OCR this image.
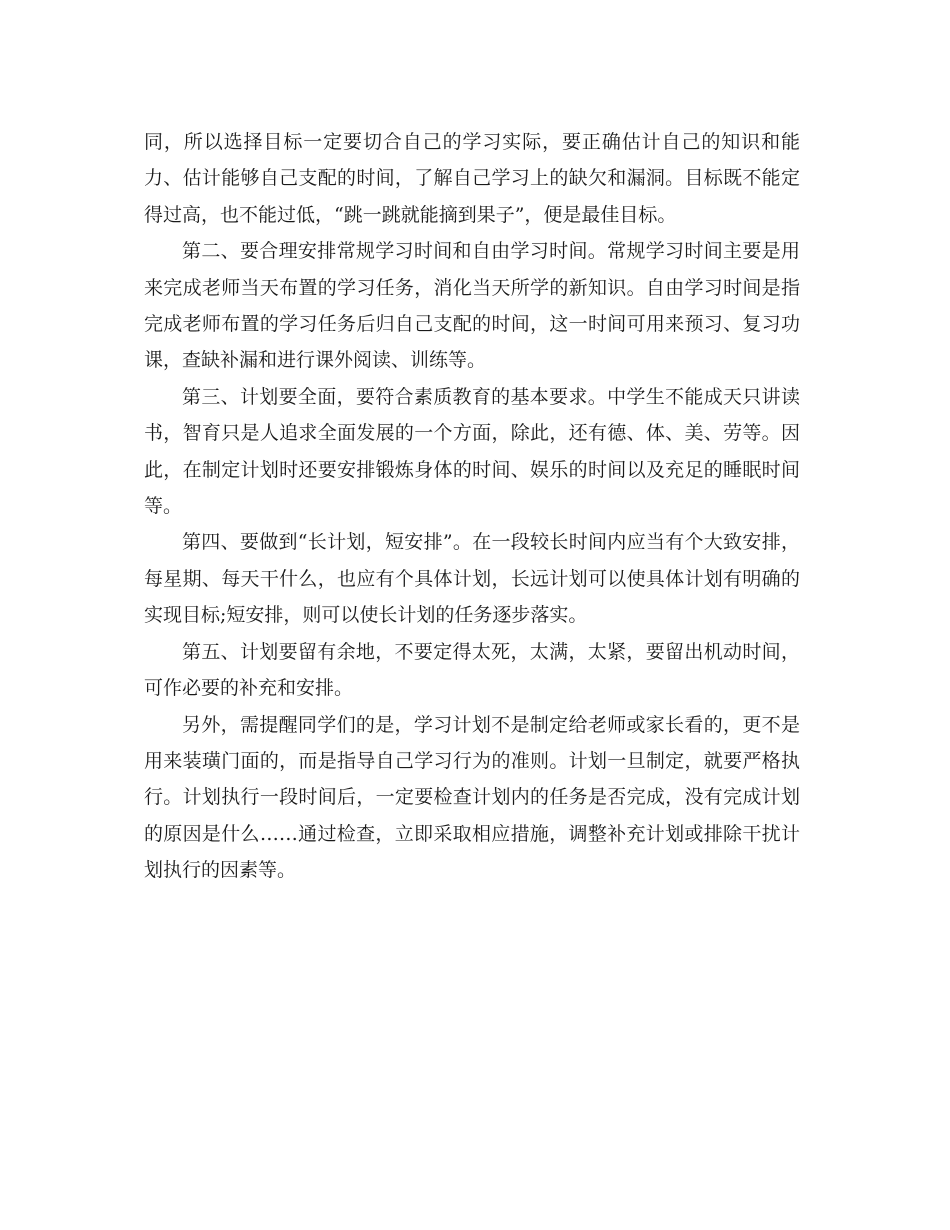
同，所以选择目标一定要切合自己的学习实际，要正确估计自己的知识和能力、估计能够自己支配的时间，了解自己学习上的缺欠和漏洞。目标既不能定得过高，也不能过低，“跳一跳就能摘到果子”，便是最佳目标。

第二、要合理安排常规学习时间和自由学习时间。常规学习时间主要是用来完成老师当天布置的学习任务，消化当天所学的新知识。自由学习时间是指完成老师布置的学习任务后归自己支配的时间，这一时间可用来预习、复习功课，查缺补漏和进行课外阅读、训练等。

第三、计划要全面，要符合素质教育的基本要求。中学生不能成天只讲读书，智育只是人追求全面发展的一个方面，除此，还有德、体、美、劳等。因此，在制定计划时还要安排锻炼身体的时间、娱乐的时间以及充足的睡眠时间等。

第四、要做到“长计划，短安排”。在一段较长时间内应当有个大致安排，每星期、每天干什么，也应有个具体计划，长远计划可以使具体计划有明确的实现目标;短安排，则可以使长计划的任务逐步落实。

第五、计划要留有余地，不要定得太死，太满，太紧，要留出机动时间，可作必要的补充和安排。

另外，需提醒同学们的是，学习计划不是制定给老师或家长看的，更不是用来装璜门面的，而是指导自己学习行为的准则。计划一旦制定，就要严格执行。计划执行一段时间后，一定要检查计划内的任务是否完成，没有完成计划的原因是什么……通过检查，立即采取相应措施，调整补充计划或排除干扰计划执行的因素等。
